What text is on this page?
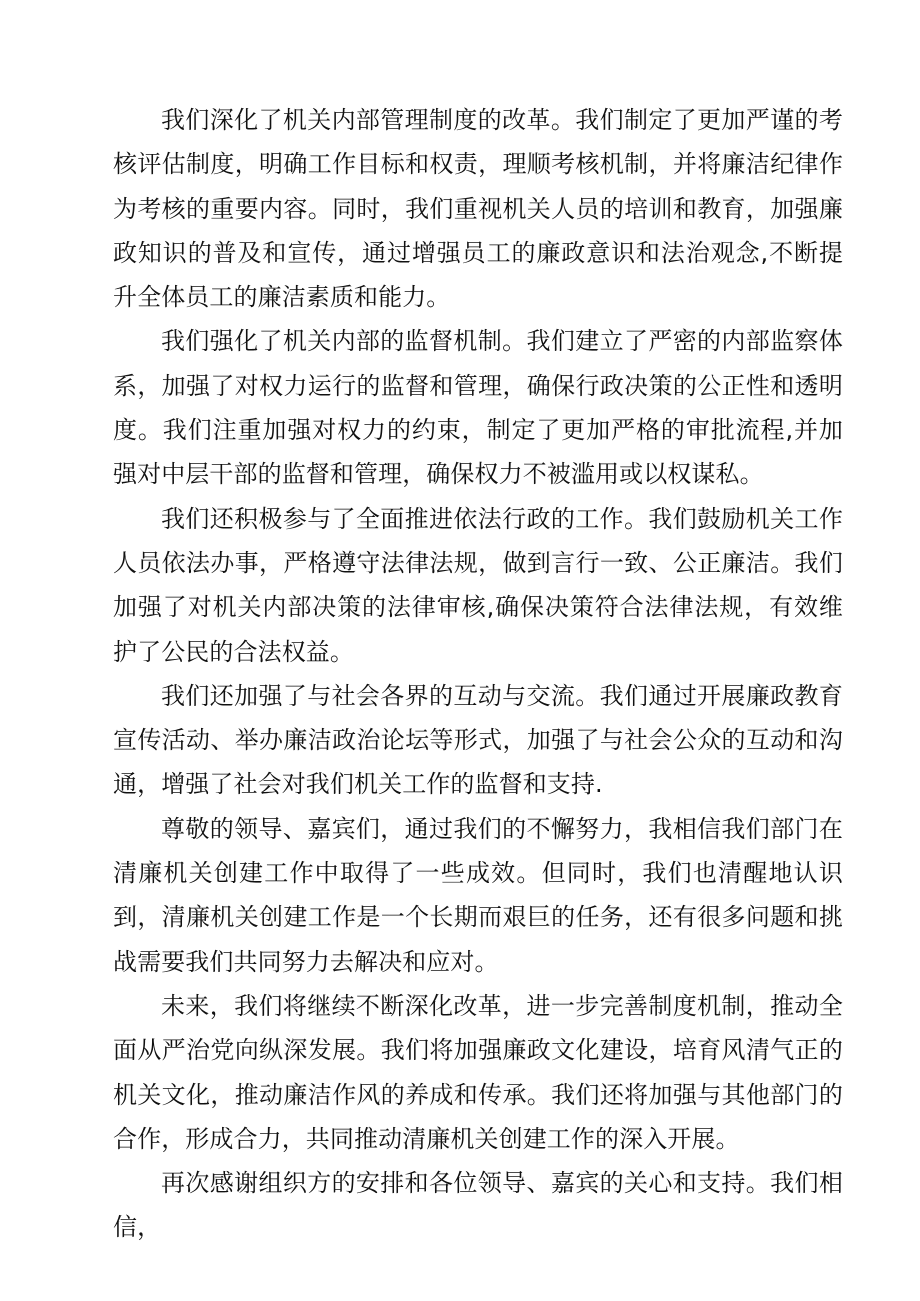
我们深化了机关内部管理制度的改革。我们制定了更加严谨的考核评估制度，明确工作目标和权责，理顺考核机制，并将廉洁纪律作为考核的重要内容。同时，我们重视机关人员的培训和教育，加强廉政知识的普及和宣传，通过增强员工的廉政意识和法治观念,不断提升全体员工的廉洁素质和能力。

我们强化了机关内部的监督机制。我们建立了严密的内部监察体系，加强了对权力运行的监督和管理，确保行政决策的公正性和透明度。我们注重加强对权力的约束，制定了更加严格的审批流程,并加强对中层干部的监督和管理，确保权力不被滥用或以权谋私。

我们还积极参与了全面推进依法行政的工作。我们鼓励机关工作人员依法办事，严格遵守法律法规，做到言行一致、公正廉洁。我们加强了对机关内部决策的法律审核,确保决策符合法律法规，有效维护了公民的合法权益。

我们还加强了与社会各界的互动与交流。我们通过开展廉政教育宣传活动、举办廉洁政治论坛等形式，加强了与社会公众的互动和沟通，增强了社会对我们机关工作的监督和支持.

尊敬的领导、嘉宾们，通过我们的不懈努力，我相信我们部门在清廉机关创建工作中取得了一些成效。但同时，我们也清醒地认识到，清廉机关创建工作是一个长期而艰巨的任务，还有很多问题和挑战需要我们共同努力去解决和应对。

未来，我们将继续不断深化改革，进一步完善制度机制，推动全面从严治党向纵深发展。我们将加强廉政文化建设，培育风清气正的机关文化，推动廉洁作风的养成和传承。我们还将加强与其他部门的合作，形成合力，共同推动清廉机关创建工作的深入开展。

再次感谢组织方的安排和各位领导、嘉宾的关心和支持。我们相信，
